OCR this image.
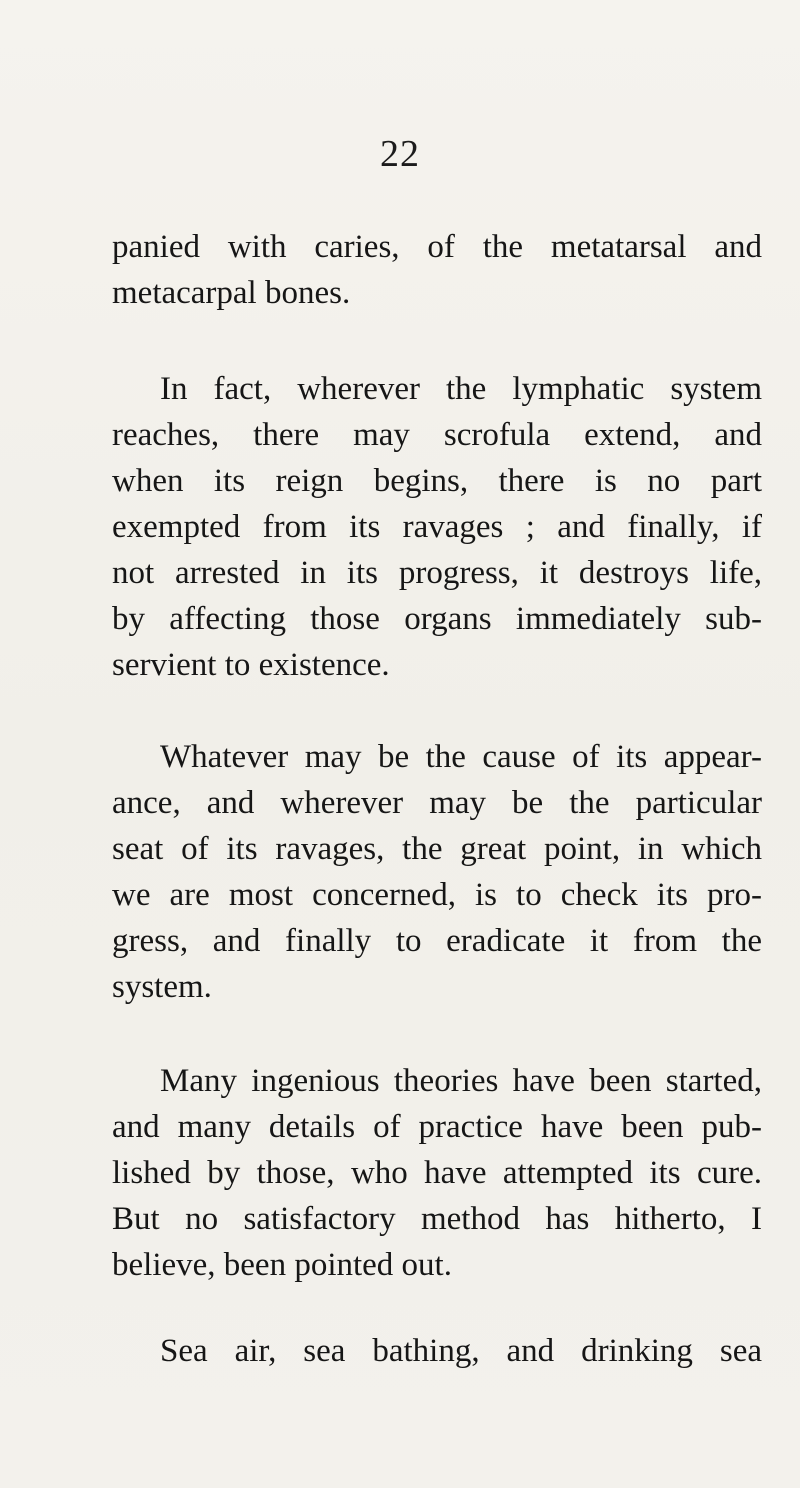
22
panied with caries, of the metatarsal and
metacarpal bones.
In fact, wherever the lymphatic system
reaches, there may scrofula extend, and
when its reign begins, there is no part
exempted from its ravages ; and finally, if
not arrested in its progress, it destroys life,
by affecting those organs immediately sub-
servient to existence.
Whatever may be the cause of its appear-
ance, and wherever may be the particular
seat of its ravages, the great point, in which
we are most concerned, is to check its pro-
gress, and finally to eradicate it from the
system.
Many ingenious theories have been started,
and many details of practice have been pub-
lished by those, who have attempted its cure.
But no satisfactory method has hitherto, I
believe, been pointed out.
Sea air, sea bathing, and drinking sea
